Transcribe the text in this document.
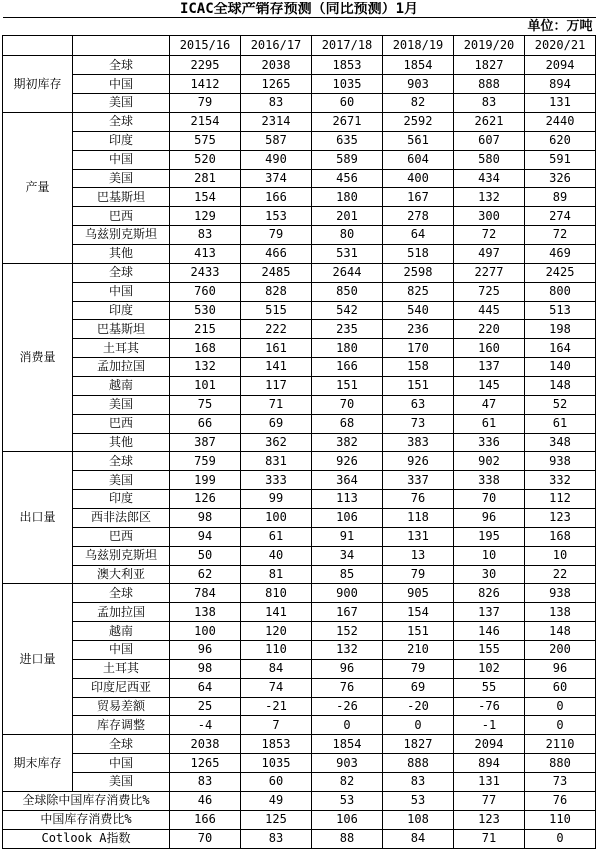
ICAC全球产销存预测（同比预测）1月							
单位：万吨							
		2015/16	2016/17	2017/18	2018/19	2019/20	2020/21
期初库存	全球	2295	2038	1853	1854	1827	2094
	中国	1412	1265	1035	903	888	894
	美国	79	83	60	82	83	131
产量	全球	2154	2314	2671	2592	2621	2440
	印度	575	587	635	561	607	620
	中国	520	490	589	604	580	591
	美国	281	374	456	400	434	326
	巴基斯坦	154	166	180	167	132	89
	巴西	129	153	201	278	300	274
	乌兹别克斯坦	83	79	80	64	72	72
	其他	413	466	531	518	497	469
消费量	全球	2433	2485	2644	2598	2277	2425
	中国	760	828	850	825	725	800
	印度	530	515	542	540	445	513
	巴基斯坦	215	222	235	236	220	198
	土耳其	168	161	180	170	160	164
	孟加拉国	132	141	166	158	137	140
	越南	101	117	151	151	145	148
	美国	75	71	70	63	47	52
	巴西	66	69	68	73	61	61
	其他	387	362	382	383	336	348
出口量	全球	759	831	926	926	902	938
	美国	199	333	364	337	338	332
	印度	126	99	113	76	70	112
	西非法郎区	98	100	106	118	96	123
	巴西	94	61	91	131	195	168
	乌兹别克斯坦	50	40	34	13	10	10
	澳大利亚	62	81	85	79	30	22
进口量	全球	784	810	900	905	826	938
	孟加拉国	138	141	167	154	137	138
	越南	100	120	152	151	146	148
	中国	96	110	132	210	155	200
	土耳其	98	84	96	79	102	96
	印度尼西亚	64	74	76	69	55	60
	贸易差额	25	-21	-26	-20	-76	0
	库存调整	-4	7	0	0	-1	0
期末库存	全球	2038	1853	1854	1827	2094	2110
	中国	1265	1035	903	888	894	880
	美国	83	60	82	83	131	73
全球除中国库存消费比%		46	49	53	53	77	76
中国库存消费比%		166	125	106	108	123	110
Cotlook A指数		70	83	88	84	71	0
